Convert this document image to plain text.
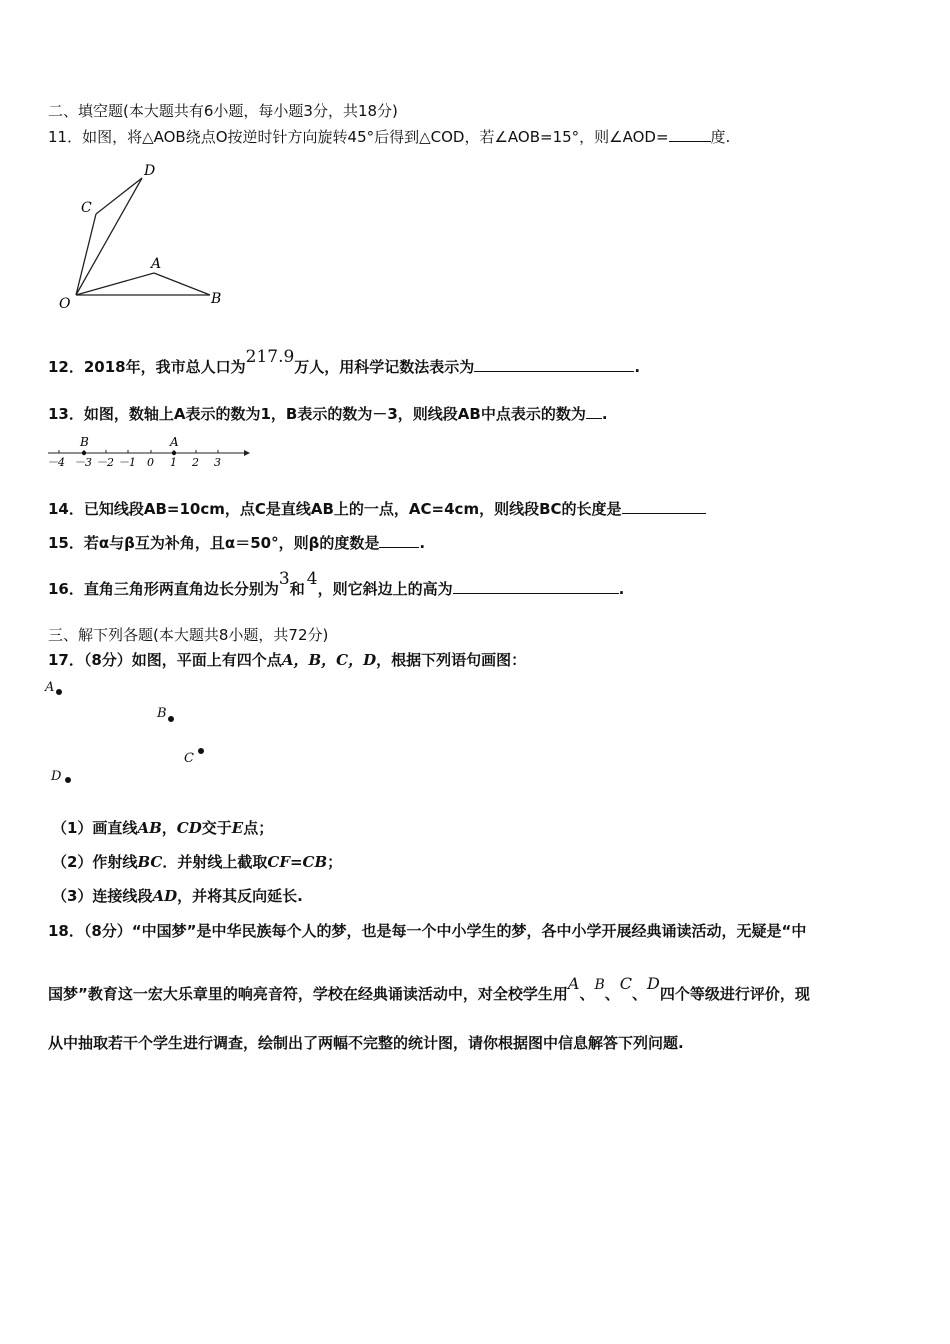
二、填空题(本大题共有6小题，每小题3分，共18分)
11．如图，将△AOB绕点O按逆时针方向旋转45°后得到△COD，若∠AOB=15°，则∠AOD=	度.
O
C
D
A
B
12．2018年，我市总人口为217.9万人，用科学记数法表示为	.
13．如图，数轴上A表示的数为1，B表示的数为－3，则线段AB中点表示的数为 .
B	A
－4 －3 －2 －1 0 1 2 3
14．已知线段AB=10cm，点C是直线AB上的一点，AC=4cm，则线段BC的长度是
15．若α与β互为补角，且α＝50°，则β的度数是	.
16．直角三角形两直角边长分别为3和 4，则它斜边上的高为	.
三、解下列各题(本大题共8小题，共72分)
17．（8分）如图，平面上有四个点A，B，C，D，根据下列语句画图：
A
B
C
D
（1）画直线AB，CD交于E点；
（2）作射线BC．并射线上截取CF=CB；
（3）连接线段AD，并将其反向延长.
18．（8分）“中国梦”是中华民族每个人的梦，也是每一个中小学生的梦，各中小学开展经典诵读活动，无疑是“中
国梦”教育这一宏大乐章里的响亮音符，学校在经典诵读活动中，对全校学生用A、B、C、D四个等级进行评价，现
从中抽取若干个学生进行调查，绘制出了两幅不完整的统计图，请你根据图中信息解答下列问题.
